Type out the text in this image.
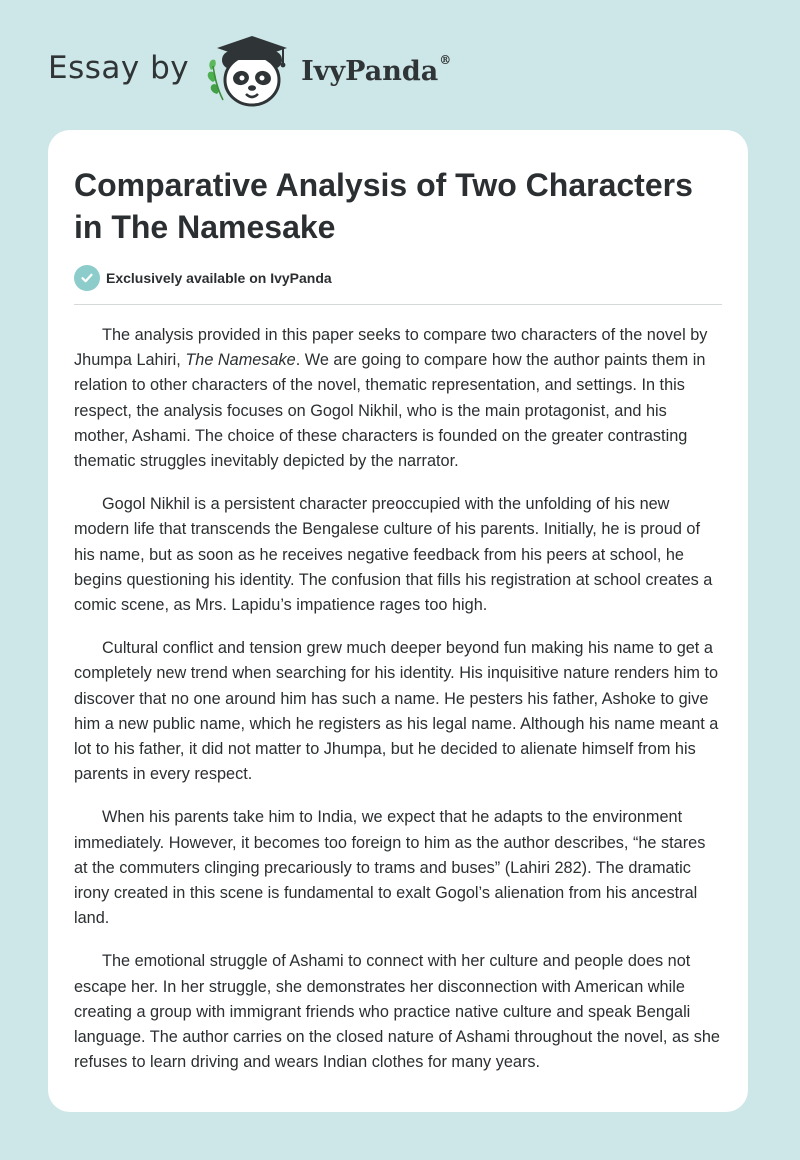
Essay by	IvyPanda®
Comparative Analysis of Two Characters in The Namesake
Exclusively available on IvyPanda

The analysis provided in this paper seeks to compare two characters of the novel by Jhumpa Lahiri, The Namesake. We are going to compare how the author paints them in relation to other characters of the novel, thematic representation, and settings. In this respect, the analysis focuses on Gogol Nikhil, who is the main protagonist, and his mother, Ashami. The choice of these characters is founded on the greater contrasting thematic struggles inevitably depicted by the narrator.

Gogol Nikhil is a persistent character preoccupied with the unfolding of his new modern life that transcends the Bengalese culture of his parents. Initially, he is proud of his name, but as soon as he receives negative feedback from his peers at school, he begins questioning his identity. The confusion that fills his registration at school creates a comic scene, as Mrs. Lapidu’s impatience rages too high.

Cultural conflict and tension grew much deeper beyond fun making his name to get a completely new trend when searching for his identity. His inquisitive nature renders him to discover that no one around him has such a name. He pesters his father, Ashoke to give him a new public name, which he registers as his legal name. Although his name meant a lot to his father, it did not matter to Jhumpa, but he decided to alienate himself from his parents in every respect.

When his parents take him to India, we expect that he adapts to the environment immediately. However, it becomes too foreign to him as the author describes, “he stares at the commuters clinging precariously to trams and buses” (Lahiri 282). The dramatic irony created in this scene is fundamental to exalt Gogol’s alienation from his ancestral land.

The emotional struggle of Ashami to connect with her culture and people does not escape her. In her struggle, she demonstrates her disconnection with American while creating a group with immigrant friends who practice native culture and speak Bengali language. The author carries on the closed nature of Ashami throughout the novel, as she refuses to learn driving and wears Indian clothes for many years.
